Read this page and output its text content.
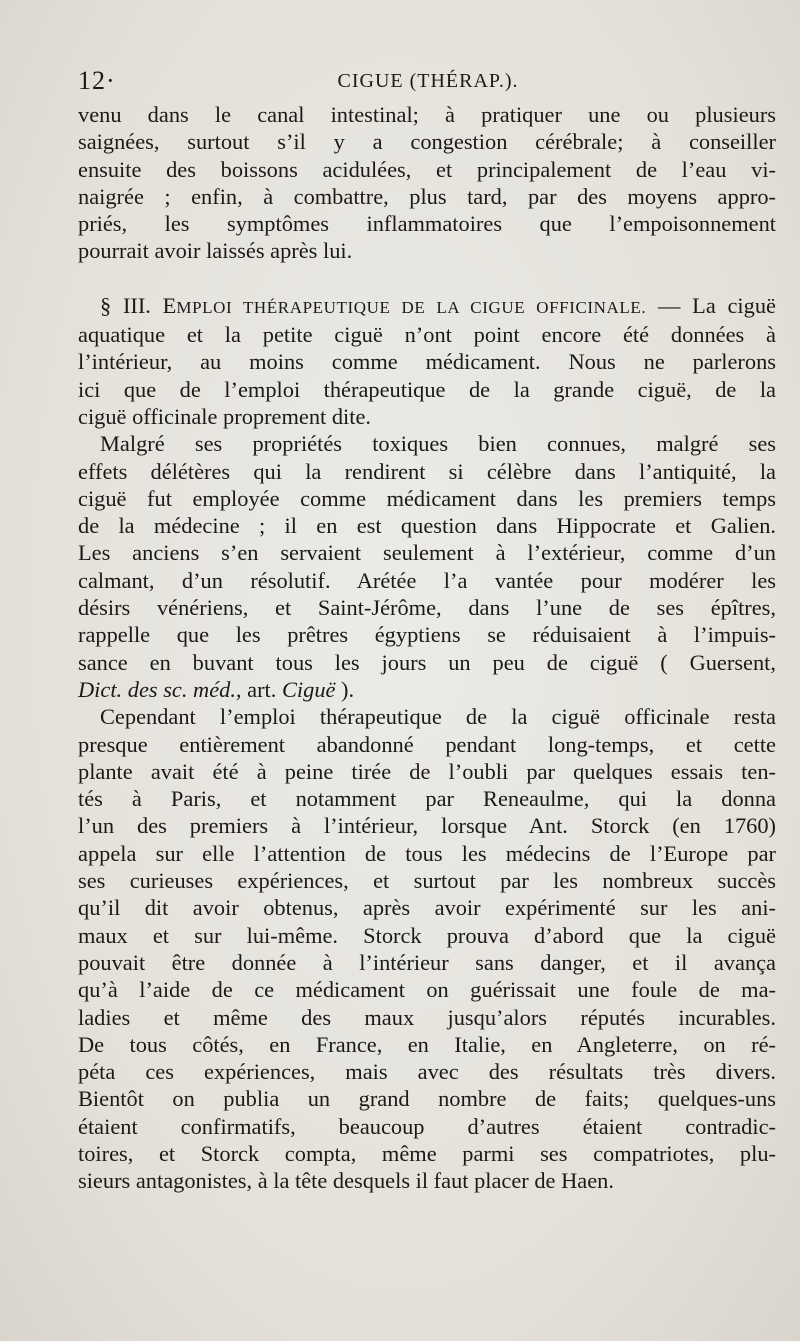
12·	CIGUE (THÉRAP.).

venu dans le canal intestinal; à pratiquer une ou plusieurs
saignées, surtout s’il y a congestion cérébrale; à conseiller
ensuite des boissons acidulées, et principalement de l’eau vi-
naigrée ; enfin, à combattre, plus tard, par des moyens appro-
priés, les symptômes inflammatoires que l’empoisonnement
pourrait avoir laissés après lui.

§ III. EMPLOI THÉRAPEUTIQUE DE LA CIGUE OFFICINALE. — La ciguë
aquatique et la petite ciguë n’ont point encore été données à
l’intérieur, au moins comme médicament. Nous ne parlerons
ici que de l’emploi thérapeutique de la grande ciguë, de la
ciguë officinale proprement dite.

Malgré ses propriétés toxiques bien connues, malgré ses
effets délétères qui la rendirent si célèbre dans l’antiquité, la
ciguë fut employée comme médicament dans les premiers temps
de la médecine ; il en est question dans Hippocrate et Galien.
Les anciens s’en servaient seulement à l’extérieur, comme d’un
calmant, d’un résolutif. Arétée l’a vantée pour modérer les
désirs vénériens, et Saint-Jérôme, dans l’une de ses épîtres,
rappelle que les prêtres égyptiens se réduisaient à l’impuis-
sance en buvant tous les jours un peu de ciguë ( Guersent,
Dict. des sc. méd., art. Ciguë ).

Cependant l’emploi thérapeutique de la ciguë officinale resta
presque entièrement abandonné pendant long-temps, et cette
plante avait été à peine tirée de l’oubli par quelques essais ten-
tés à Paris, et notamment par Reneaulme, qui la donna
l’un des premiers à l’intérieur, lorsque Ant. Storck (en 1760)
appela sur elle l’attention de tous les médecins de l’Europe par
ses curieuses expériences, et surtout par les nombreux succès
qu’il dit avoir obtenus, après avoir expérimenté sur les ani-
maux et sur lui-même. Storck prouva d’abord que la ciguë
pouvait être donnée à l’intérieur sans danger, et il avança
qu’à l’aide de ce médicament on guérissait une foule de ma-
ladies et même des maux jusqu’alors réputés incurables.
De tous côtés, en France, en Italie, en Angleterre, on ré-
péta ces expériences, mais avec des résultats très divers.
Bientôt on publia un grand nombre de faits; quelques-uns
étaient confirmatifs, beaucoup d’autres étaient contradic-
toires, et Storck compta, même parmi ses compatriotes, plu-
sieurs antagonistes, à la tête desquels il faut placer de Haen.
